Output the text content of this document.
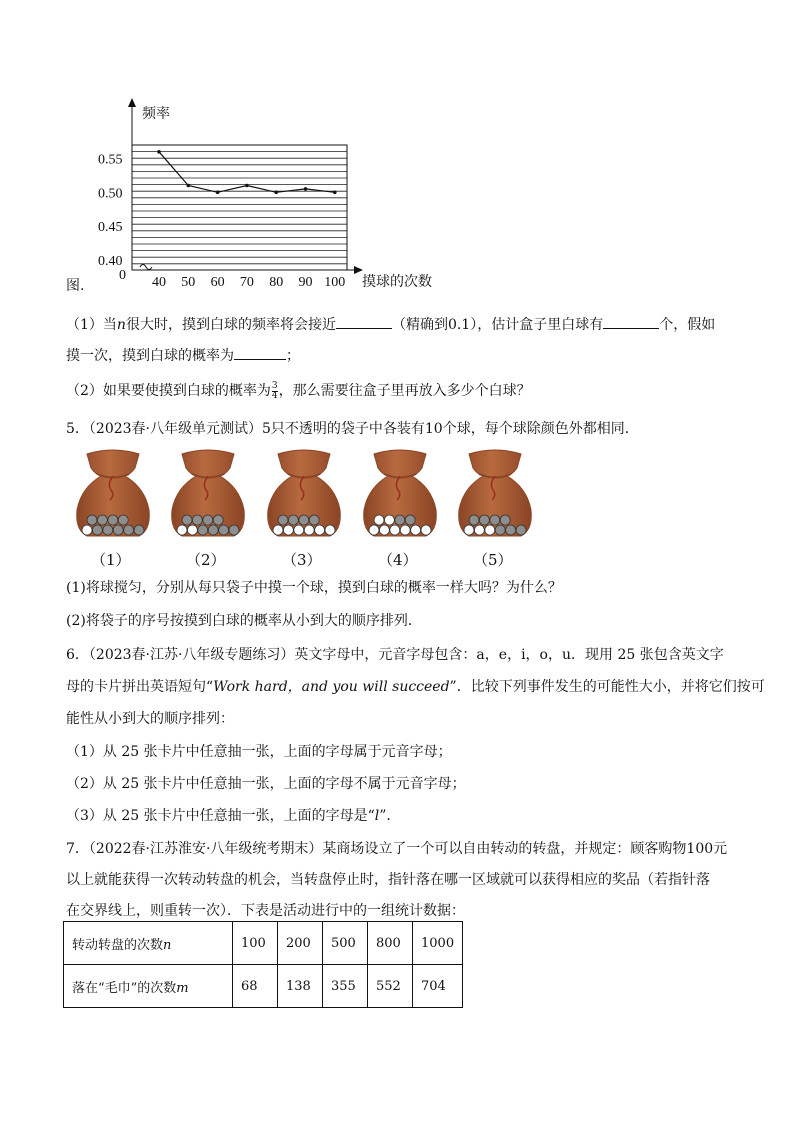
频率
摸球的次数
0
0.55
0.50
0.45
0.40
40 50 60 70 80 90 100
图.
（1）当n很大时，摸到白球的频率将会接近	（精确到0.1），估计盒子里白球有	个，假如
摸一次，摸到白球的概率为	；
（2）如果要使摸到白球的概率为 $\frac{3}{4}$ ，那么需要往盒子里再放入多少个白球？
5．（2023春·八年级单元测试）5只不透明的袋子中各装有10个球，每个球除颜色外都相同．
（1）	（2）	（3）	（4）	（5）
(1)将球搅匀，分别从每只袋子中摸一个球，摸到白球的概率一样大吗？为什么？
(2)将袋子的序号按摸到白球的概率从小到大的顺序排列．
6．（2023春·江苏·八年级专题练习）英文字母中，元音字母包含：a，e，i，o，u．现用 25 张包含英文字
母的卡片拼出英语短句“Work hard，and you will succeed”．比较下列事件发生的可能性大小，并将它们按可
能性从小到大的顺序排列：
（1）从 25 张卡片中任意抽一张，上面的字母属于元音字母；
（2）从 25 张卡片中任意抽一张，上面的字母不属于元音字母；
（3）从 25 张卡片中任意抽一张，上面的字母是“l”．
7．（2022春·江苏淮安·八年级统考期末）某商场设立了一个可以自由转动的转盘，并规定：顾客购物100元
以上就能获得一次转动转盘的机会，当转盘停止时，指针落在哪一区域就可以获得相应的奖品（若指针落
在交界线上，则重转一次）．下表是活动进行中的一组统计数据：
转动转盘的次数n	100	200	500	800	1000
落在“毛巾”的次数m	68	138	355	552	704
